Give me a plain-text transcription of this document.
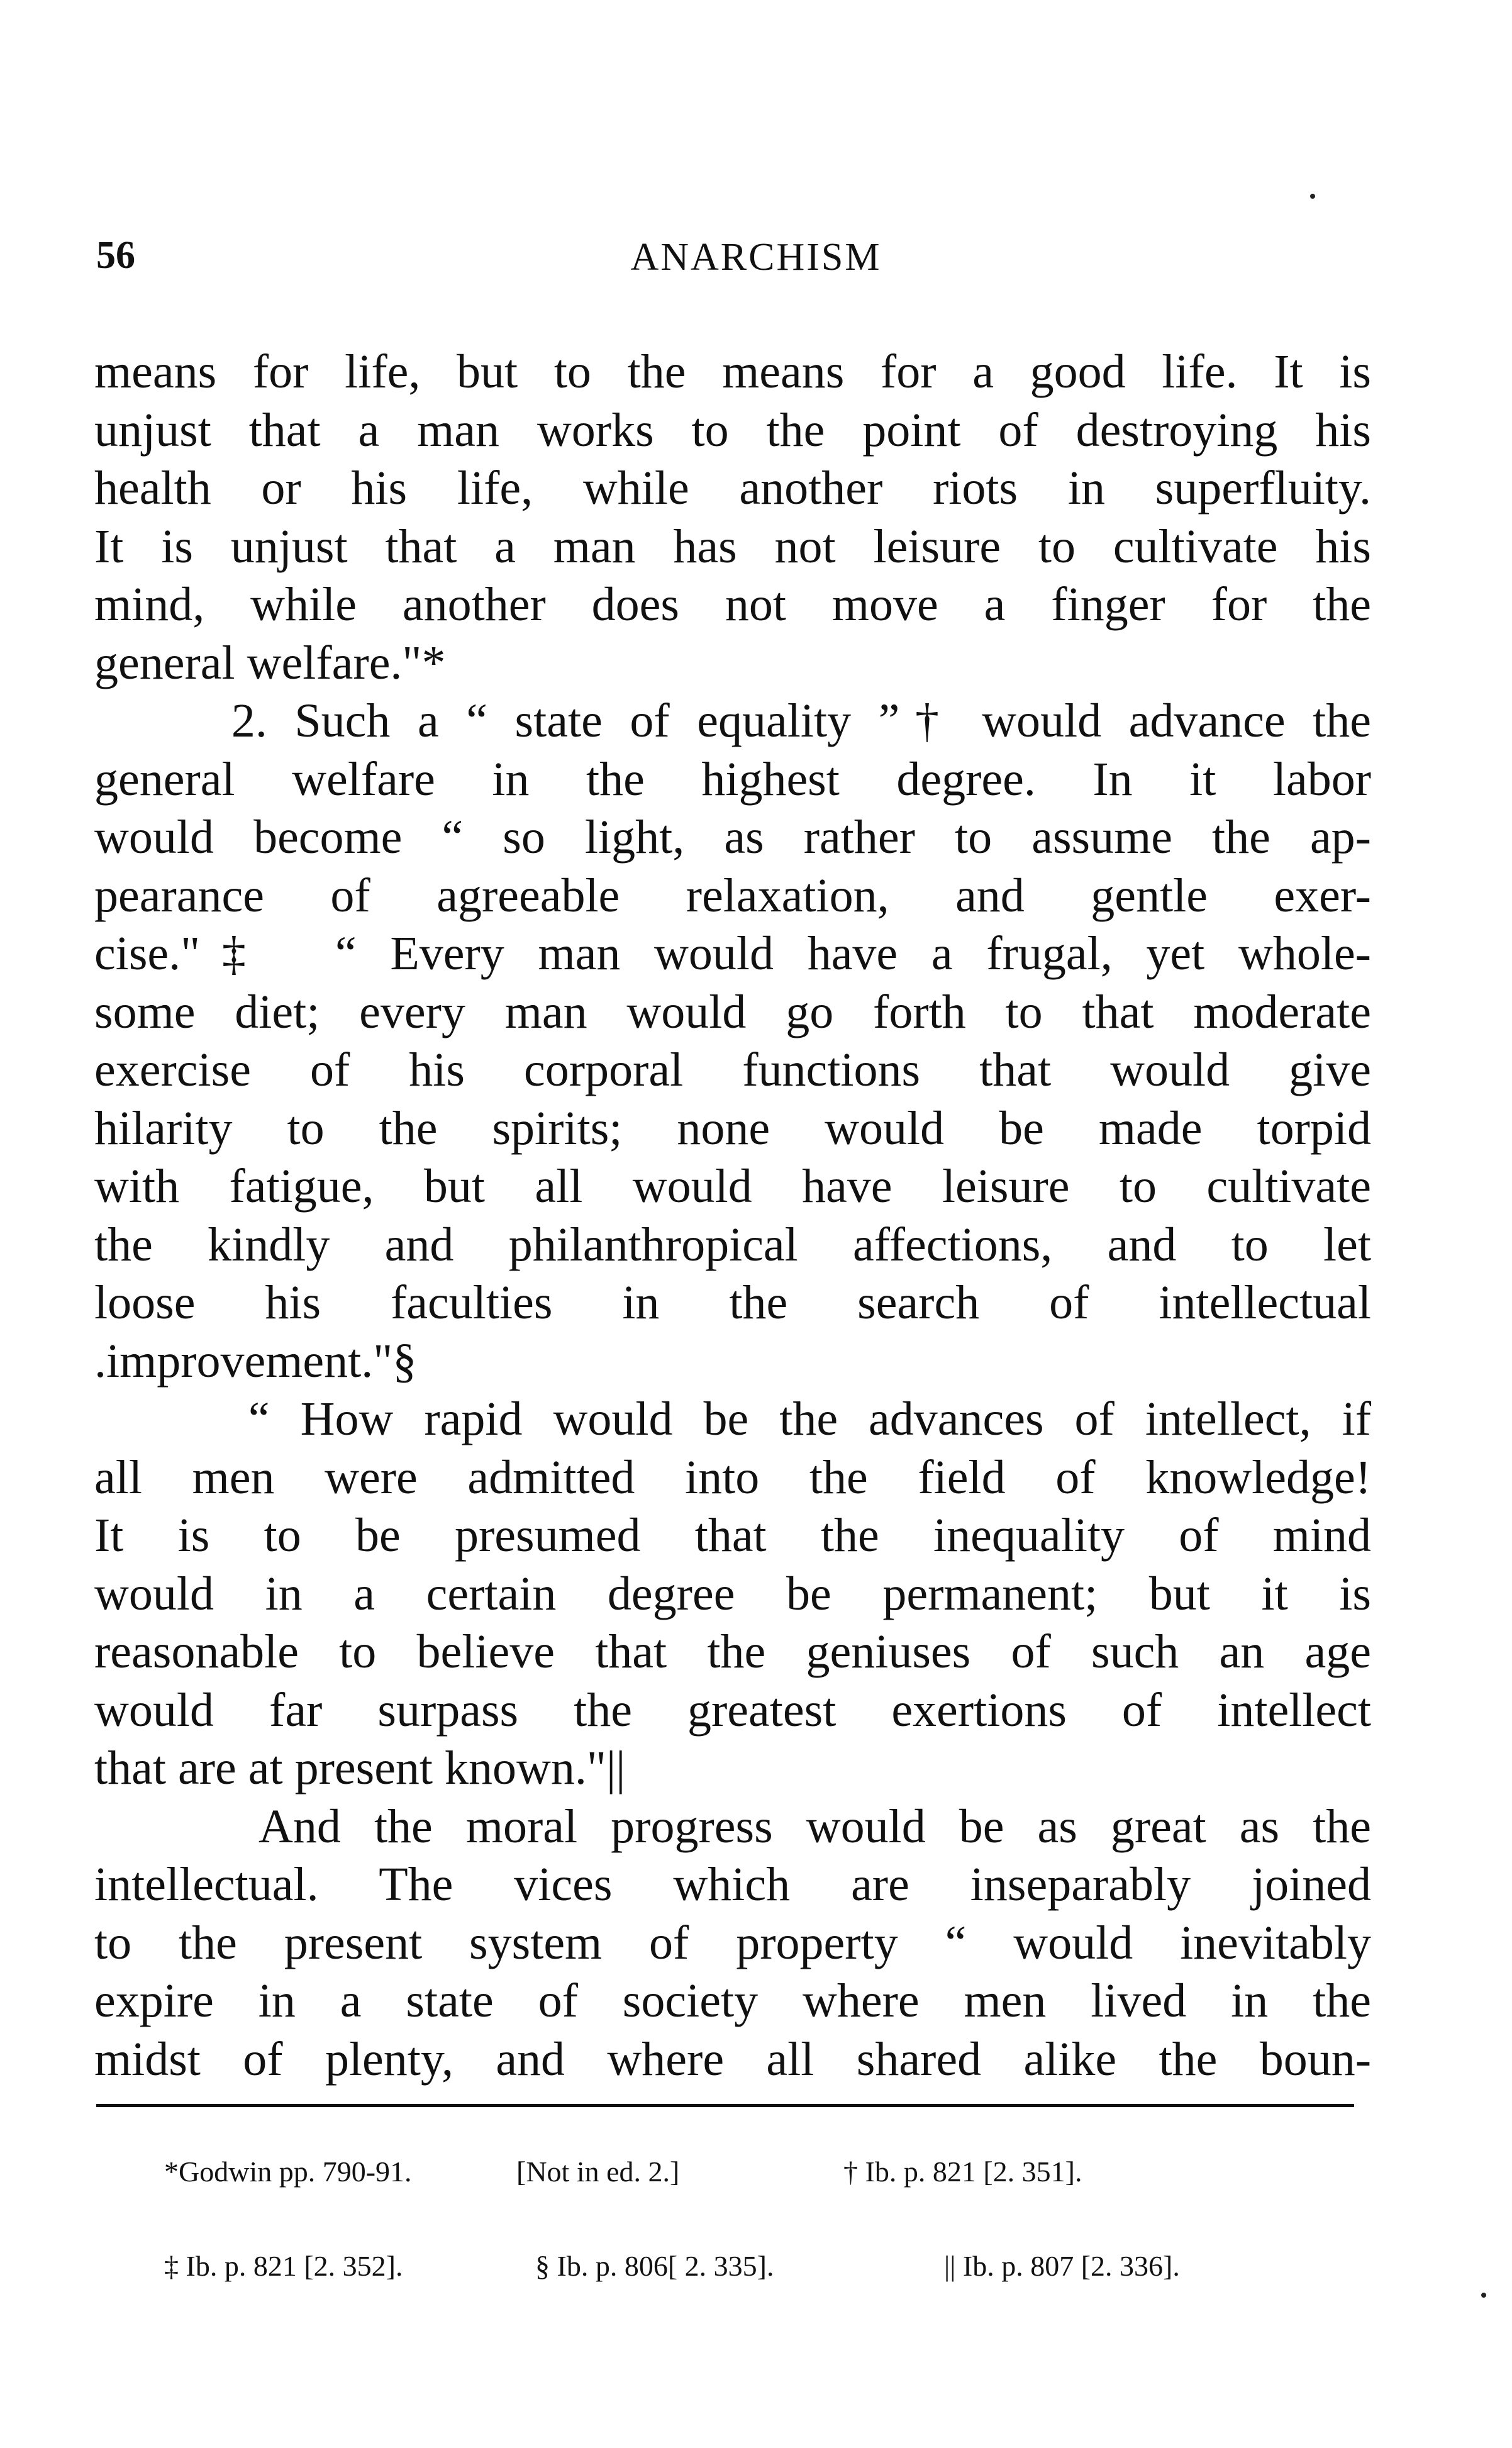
56	ANARCHISM
means for life, but to the means for a good life. It is
unjust that a man works to the point of destroying his
health or his life, while another riots in superfluity.
It is unjust that a man has not leisure to cultivate his
mind, while another does not move a finger for the
general welfare."*
2. Such a “ state of equality ”† would advance the
general welfare in the highest degree. In it labor
would become “ so light, as rather to assume the ap-
pearance of agreeable relaxation, and gentle exer-
cise."‡  “ Every man would have a frugal, yet whole-
some diet; every man would go forth to that moderate
exercise of his corporal functions that would give
hilarity to the spirits; none would be made torpid
with fatigue, but all would have leisure to cultivate
the kindly and philanthropical affections, and to let
loose his faculties in the search of intellectual
.improvement."§
“ How rapid would be the advances of intellect, if
all men were admitted into the field of knowledge!
It is to be presumed that the inequality of mind
would in a certain degree be permanent; but it is
reasonable to believe that the geniuses of such an age
would far surpass the greatest exertions of intellect
that are at present known."||
And the moral progress would be as great as the
intellectual. The vices which are inseparably joined
to the present system of property “ would inevitably
expire in a state of society where men lived in the
midst of plenty, and where all shared alike the boun-

*Godwin pp. 790-91.	[Not in ed. 2.]	† Ib. p. 821 [2. 351].

‡ Ib. p. 821 [2. 352].	§ Ib. p. 806[ 2. 335].	|| Ib. p. 807 [2. 336].
